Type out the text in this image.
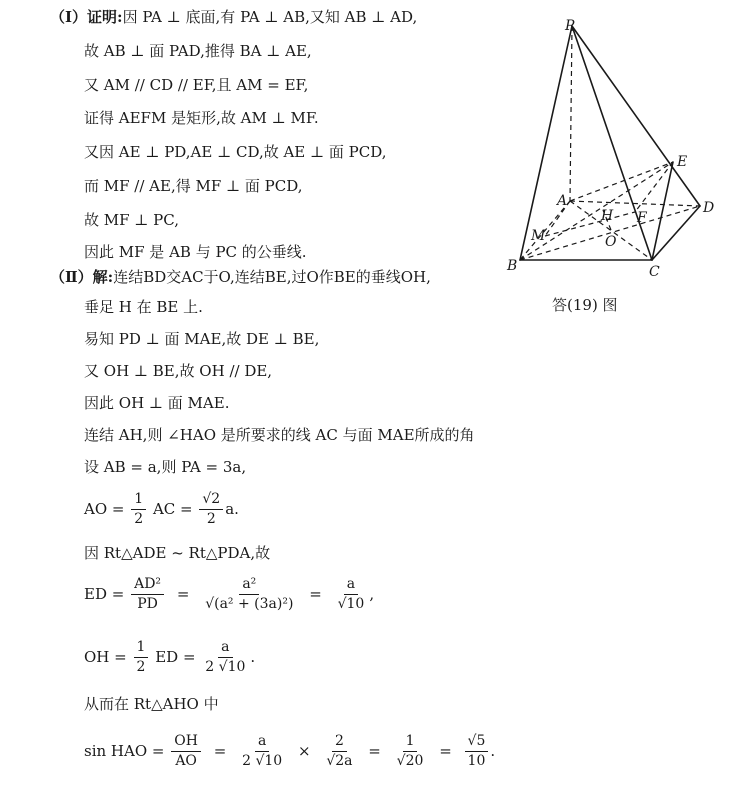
（Ⅰ）证明:因 PA ⊥ 底面,有 PA ⊥ AB,又知 AB ⊥ AD,
故 AB ⊥ 面 PAD,推得 BA ⊥ AE,
又 AM // CD // EF,且 AM = EF,
证得 AEFM 是矩形,故 AM ⊥ MF.
又因 AE ⊥ PD,AE ⊥ CD,故 AE ⊥ 面 PCD,
而 MF // AE,得 MF ⊥ 面 PCD,
故 MF ⊥ PC,
因此 MF 是 AB 与 PC 的公垂线.
（Ⅱ）解:连结BD交AC于O,连结BE,过O作BE的垂线OH,
垂足 H 在 BE 上.
易知 PD ⊥ 面 MAE,故 DE ⊥ BE,
又 OH ⊥ BE,故 OH // DE,
因此 OH ⊥ 面 MAE.
连结 AH,则 ∠HAO 是所要求的线 AC 与面 MAE所成的角
设 AB = a,则 PA = 3a,
AO = $\frac{1}{2}$ AC = $\frac{√2}{2} a$.
因 Rt△ADE ~ Rt△PDA,故
ED = $\frac{\text{AD²}}{PD} = \frac{\text{a²}}{\text{√(a² + (3a)²)}} = \frac{a}{√10}$ ,
OH = $\frac{1}{2}$ ED = $\frac{a}{2 √10}$ .
从而在 Rt△AHO 中
sin HAO = $\frac{OH}{AO} = \frac{a}{2 √10} \times \frac{2}{√2a} = \frac{1}{√20} = \frac{√5}{10}$ .
P
A
B	C
D
E
F
M	O
H
答(19) 图
